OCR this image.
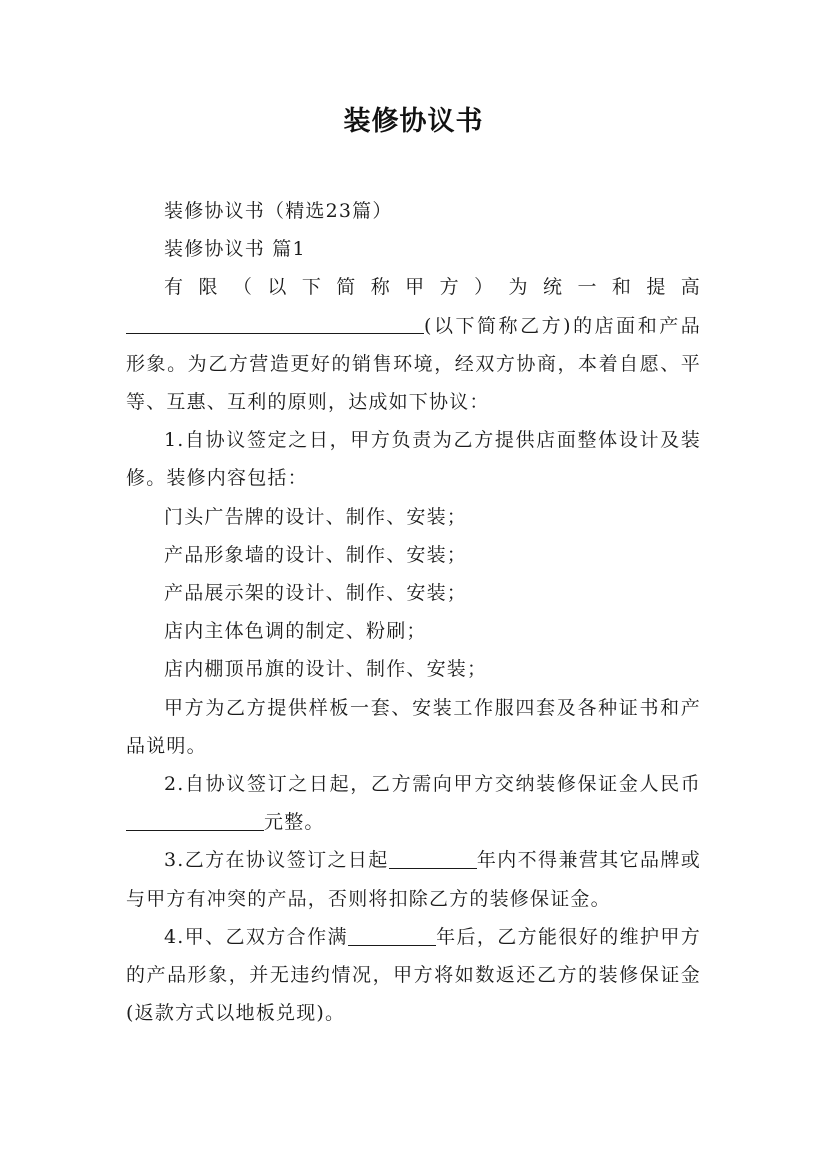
装修协议书

装修协议书（精选23篇）

装修协议书 篇1

有限（以下简称甲方）为统一和提高

(以下简称乙方)的店面和产品形象。为乙方营造更好的销售环境，经双方协商，本着自愿、平等、互惠、互利的原则，达成如下协议：

1.自协议签定之日，甲方负责为乙方提供店面整体设计及装修。装修内容包括：

门头广告牌的设计、制作、安装；

产品形象墙的设计、制作、安装；

产品展示架的设计、制作、安装；

店内主体色调的制定、粉刷；

店内棚顶吊旗的设计、制作、安装；

甲方为乙方提供样板一套、安装工作服四套及各种证书和产品说明。

2.自协议签订之日起，乙方需向甲方交纳装修保证金人民币元整。

3.乙方在协议签订之日起	年内不得兼营其它品牌或与甲方有冲突的产品，否则将扣除乙方的装修保证金。

4.甲、乙双方合作满	年后，乙方能很好的维护甲方的产品形象，并无违约情况，甲方将如数返还乙方的装修保证金(返款方式以地板兑现)。
